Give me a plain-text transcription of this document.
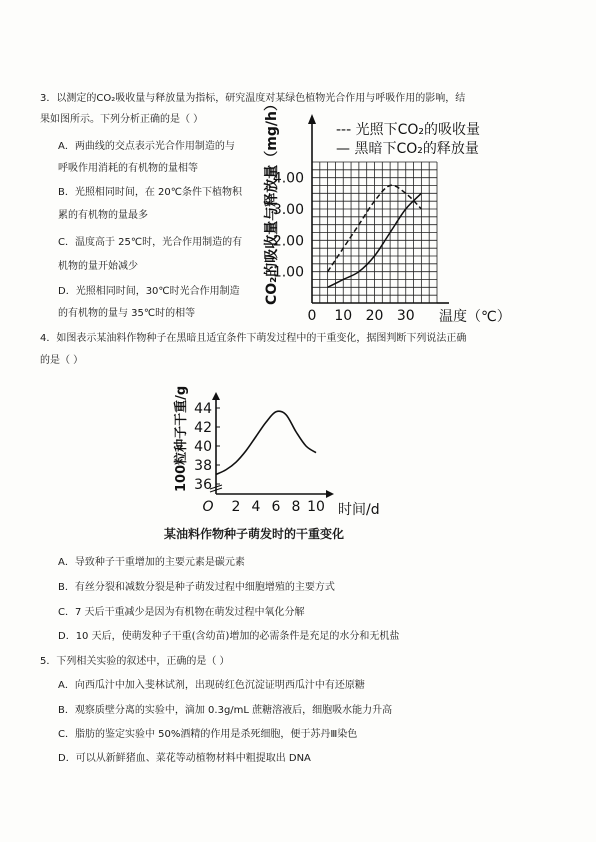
3．以测定的CO₂吸收量与释放量为指标，研究温度对某绿色植物光合作用与呼吸作用的影响，结
果如图所示。下列分析正确的是（ ）
A．两曲线的交点表示光合作用制造的与
呼吸作用消耗的有机物的量相等
B．光照相同时间，在 20℃条件下植物积
累的有机物的量最多
C．温度高于 25℃时，光合作用制造的有
机物的量开始减少
D．光照相同时间，30℃时光合作用制造
的有机物的量与 35℃时的相等
1.00
2.00
3.00
4.00
0 10 20 30 温度（℃）
CO₂的吸收量与释放量（mg/h）	--- 光照下CO₂的吸收量
— 黑暗下CO₂的释放量
4．如图表示某油料作物种子在黑暗且适宜条件下萌发过程中的干重变化，据图判断下列说法正确
的是（ ）
36
38
40
42
44
O 2 4 6 8 10 时间/d
100粒种子干重/g
某油料作物种子萌发时的干重变化
A．导致种子干重增加的主要元素是碳元素
B．有丝分裂和减数分裂是种子萌发过程中细胞增殖的主要方式
C．7 天后干重减少是因为有机物在萌发过程中氧化分解
D．10 天后，使萌发种子干重(含幼苗)增加的必需条件是充足的水分和无机盐
5．下列相关实验的叙述中，正确的是（ ）
A．向西瓜汁中加入斐林试剂，出现砖红色沉淀证明西瓜汁中有还原糖
B．观察质壁分离的实验中，滴加 0.3g/mL 蔗糖溶液后，细胞吸水能力升高
C．脂肪的鉴定实验中 50%酒精的作用是杀死细胞，便于苏丹Ⅲ染色
D．可以从新鲜猪血、菜花等动植物材料中粗提取出 DNA
